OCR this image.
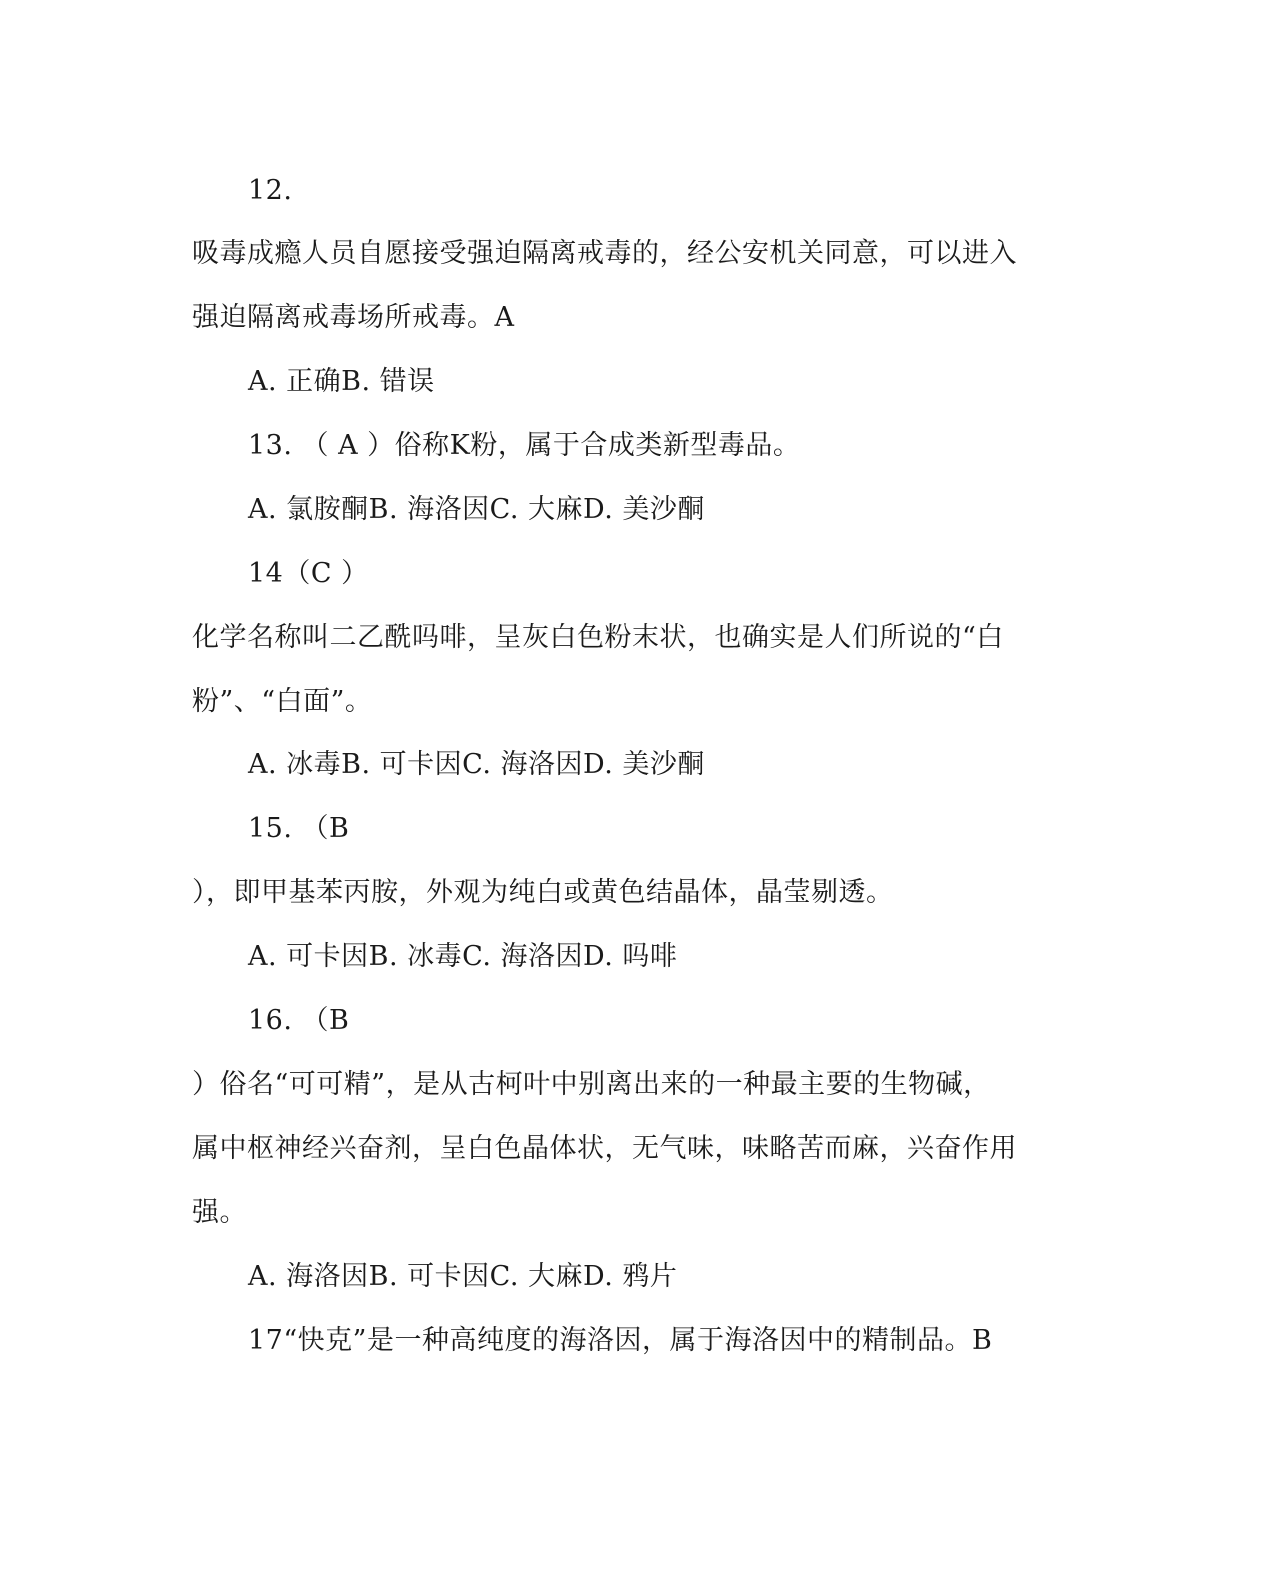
12.
吸毒成瘾人员自愿接受强迫隔离戒毒的，经公安机关同意，可以进入
强迫隔离戒毒场所戒毒。A
A. 正确B. 错误
13. （ A ）俗称K粉，属于合成类新型毒品。
A. 氯胺酮B. 海洛因C. 大麻D. 美沙酮
14（C ）
化学名称叫二乙酰吗啡，呈灰白色粉末状，也确实是人们所说的“白
粉”、“白面”。
A. 冰毒B. 可卡因C. 海洛因D. 美沙酮
15. （B
），即甲基苯丙胺，外观为纯白或黄色结晶体，晶莹剔透。
A. 可卡因B. 冰毒C. 海洛因D. 吗啡
16. （B
）俗名“可可精”，是从古柯叶中别离出来的一种最主要的生物碱，
属中枢神经兴奋剂，呈白色晶体状，无气味，味略苦而麻，兴奋作用
强。
A. 海洛因B. 可卡因C. 大麻D. 鸦片
17“快克”是一种高纯度的海洛因，属于海洛因中的精制品。B
